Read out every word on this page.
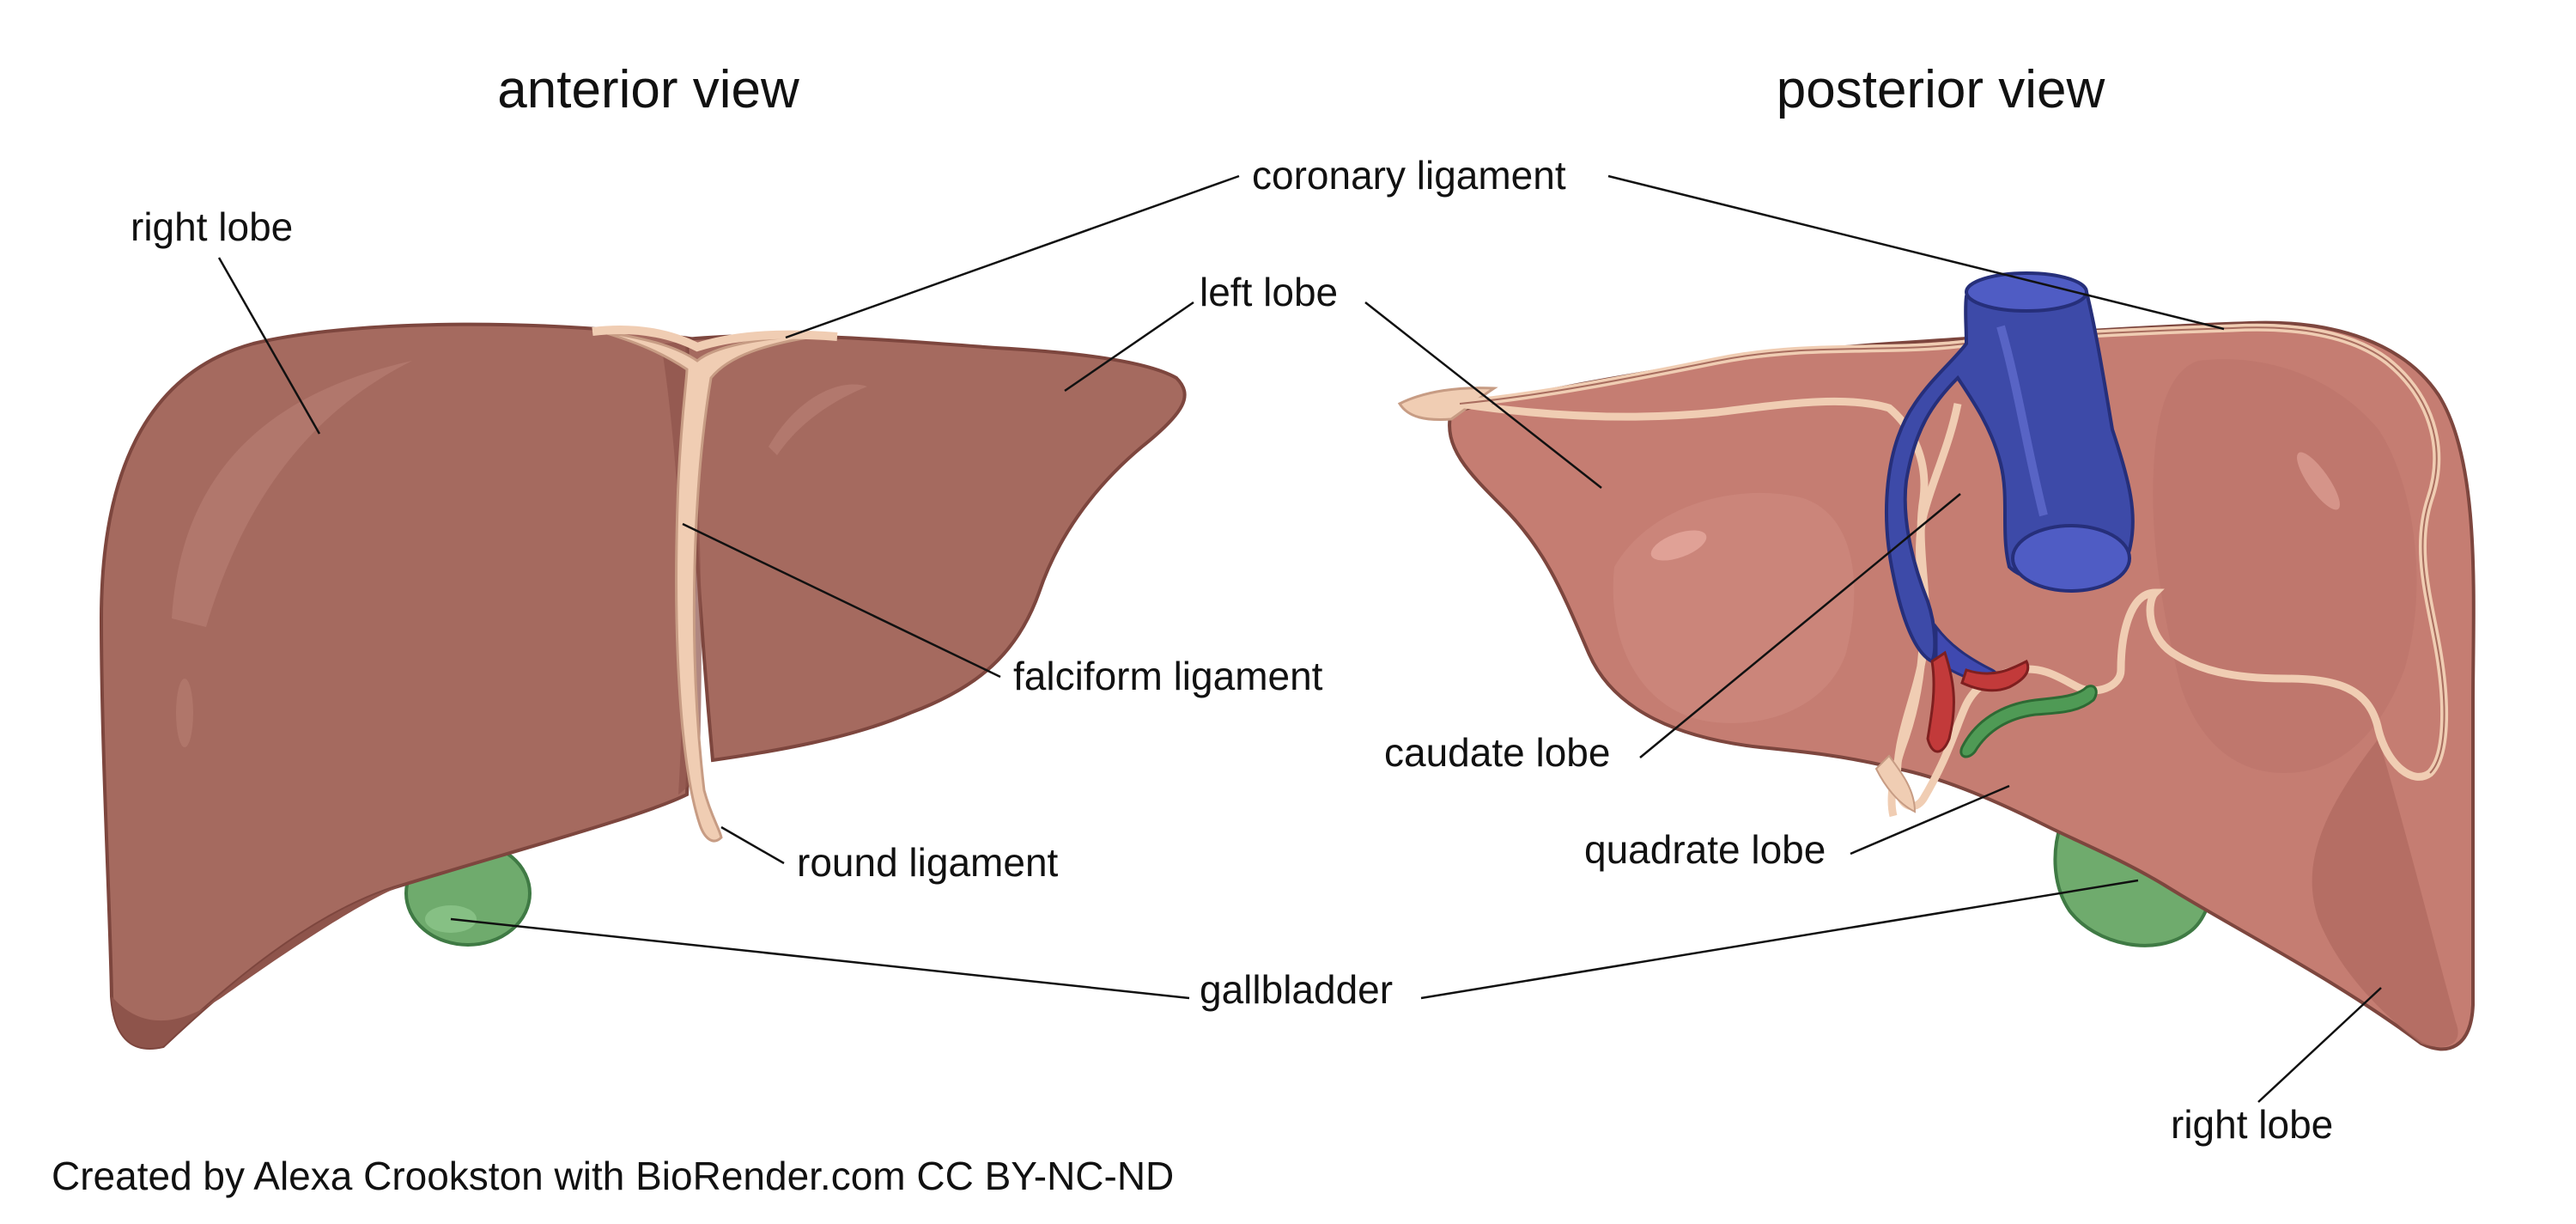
anterior view	posterior view
right lobe
coronary ligament
left lobe
falciform ligament
round ligament
gallbladder
caudate lobe
quadrate lobe
right lobe
Created by Alexa Crookston with BioRender.com CC BY-NC-ND
